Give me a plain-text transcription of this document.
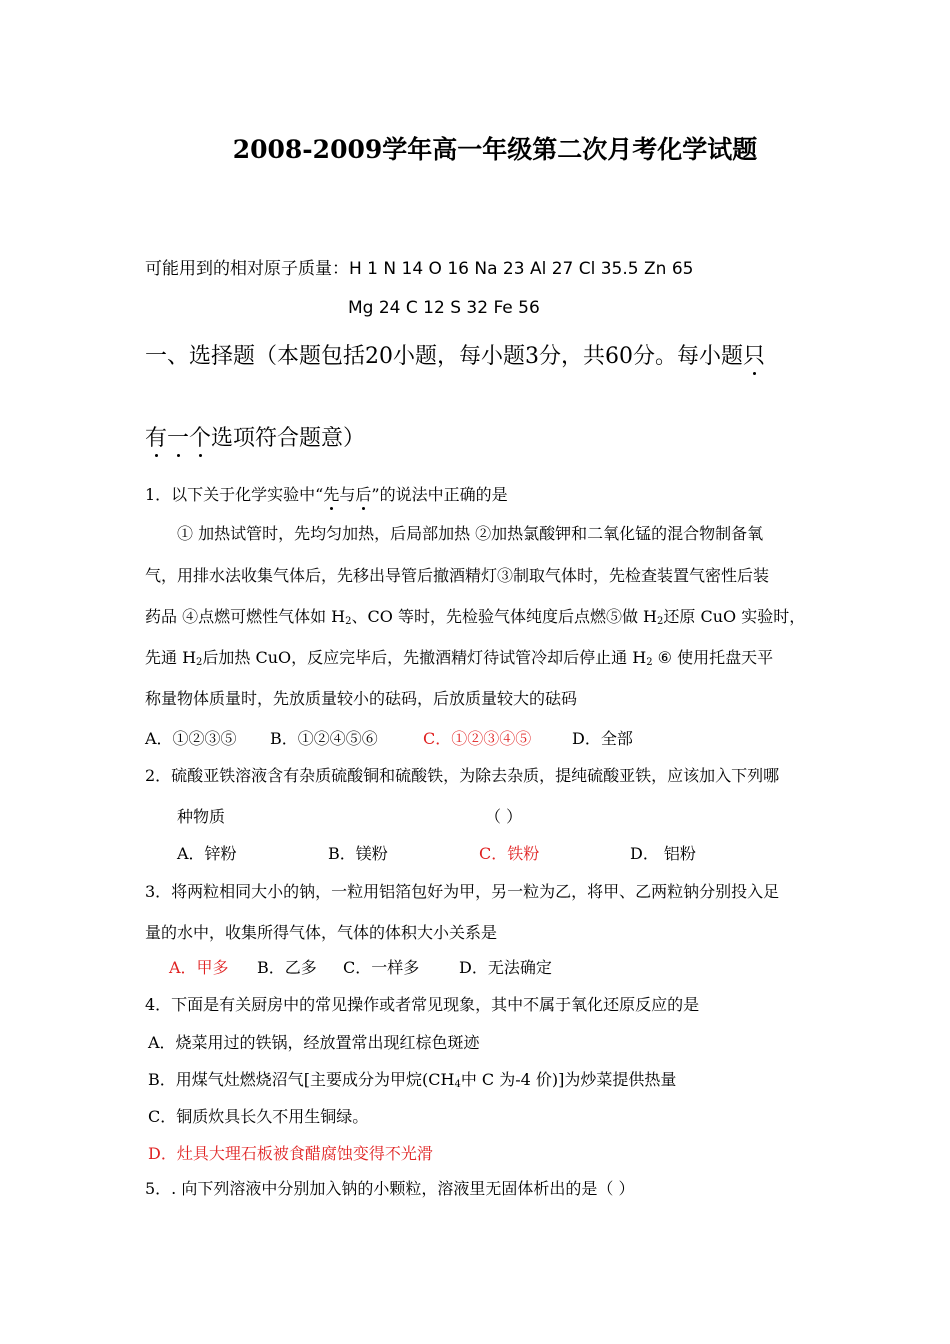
2008-2009学年高一年级第二次月考化学试题
可能用到的相对原子质量：H 1 N 14 O 16 Na 23 Al 27 Cl 35.5 Zn 65
Mg 24 C 12 S 32 Fe 56
一、选择题（本题包括20小题，每小题3分，共60分。每小题只
有一个选项符合题意）
1．以下关于化学实验中“先与后”的说法中正确的是
① 加热试管时，先均匀加热，后局部加热 ②加热氯酸钾和二氧化锰的混合物制备氧
气，用排水法收集气体后，先移出导管后撤酒精灯③制取气体时，先检查装置气密性后装
药品 ④点燃可燃性气体如 $H_2$、CO 等时，先检验气体纯度后点燃⑤做 $H_2$还原 CuO 实验时，
先通 $H_2$后加热 CuO，反应完毕后，先撤酒精灯待试管冷却后停止通 $H_2$ ⑥ 使用托盘天平
称量物体质量时，先放质量较小的砝码，后放质量较大的砝码
A．①②③⑤ B．①②④⑤⑥	C．①②③④⑤	D．全部
2．硫酸亚铁溶液含有杂质硫酸铜和硫酸铁，为除去杂质，提纯硫酸亚铁，应该加入下列哪
种物质	（ ）
A．锌粉	B．镁粉	C．铁粉	D． 铝粉
3．将两粒相同大小的钠，一粒用铝箔包好为甲，另一粒为乙，将甲、乙两粒钠分别投入足
量的水中，收集所得气体，气体的体积大小关系是
A．甲多 B．乙多 C．一样多 D．无法确定
4．下面是有关厨房中的常见操作或者常见现象，其中不属于氧化还原反应的是
A．烧菜用过的铁锅，经放置常出现红棕色斑迹
B．用煤气灶燃烧沼气[主要成分为甲烷($CH_4$中 C 为-4 价)]为炒菜提供热量
C．铜质炊具长久不用生铜绿。
D．灶具大理石板被食醋腐蚀变得不光滑
5．. 向下列溶液中分别加入钠的小颗粒，溶液里无固体析出的是（ ）
